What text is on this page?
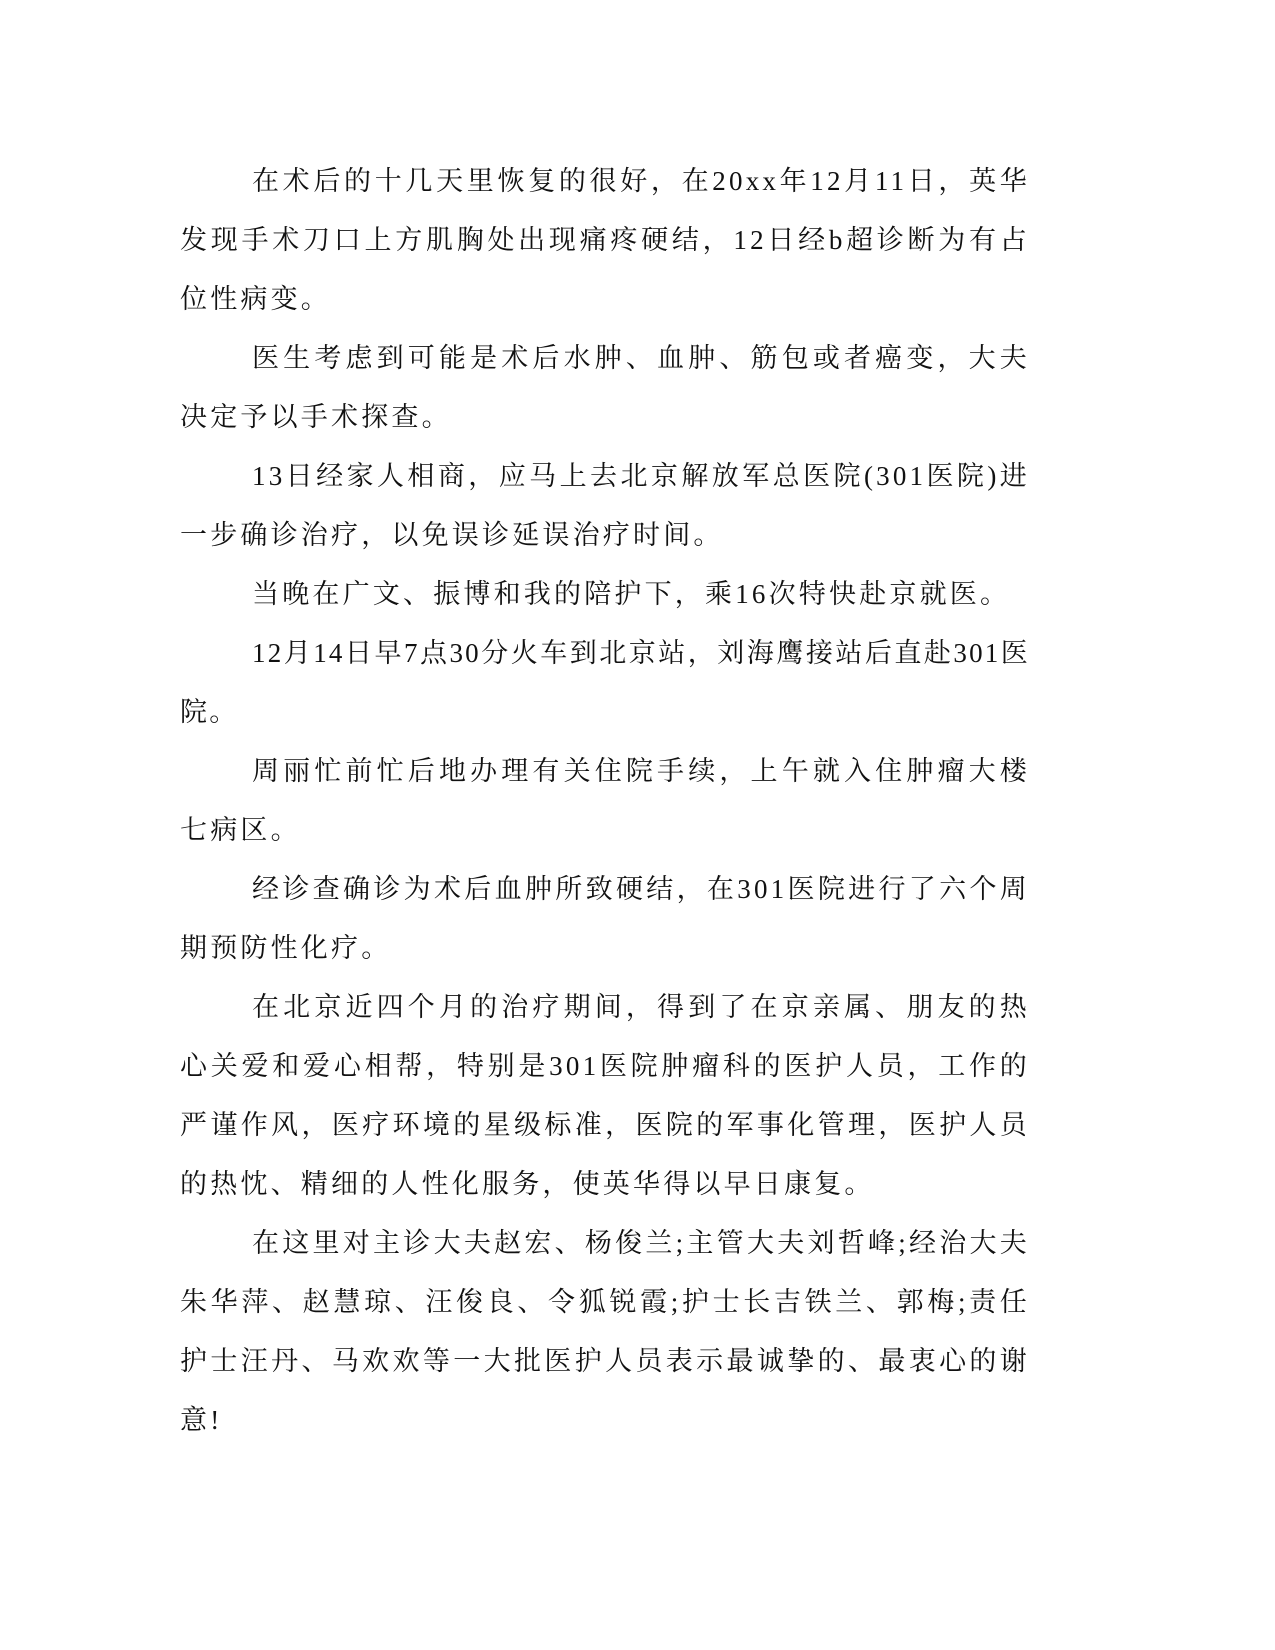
在术后的十几天里恢复的很好，在20xx年12月11日，英华发现手术刀口上方肌胸处出现痛疼硬结，12日经b超诊断为有占位性病变。

医生考虑到可能是术后水肿、血肿、筋包或者癌变，大夫决定予以手术探查。

13日经家人相商，应马上去北京解放军总医院(301医院)进一步确诊治疗，以免误诊延误治疗时间。

当晚在广文、振博和我的陪护下，乘16次特快赴京就医。

12月14日早7点30分火车到北京站，刘海鹰接站后直赴301医院。

周丽忙前忙后地办理有关住院手续，上午就入住肿瘤大楼七病区。

经诊查确诊为术后血肿所致硬结，在301医院进行了六个周期预防性化疗。

在北京近四个月的治疗期间，得到了在京亲属、朋友的热心关爱和爱心相帮，特别是301医院肿瘤科的医护人员，工作的严谨作风，医疗环境的星级标准，医院的军事化管理，医护人员的热忱、精细的人性化服务，使英华得以早日康复。

在这里对主诊大夫赵宏、杨俊兰;主管大夫刘哲峰;经治大夫朱华萍、赵慧琼、汪俊良、令狐锐霞;护士长吉铁兰、郭梅;责任护士汪丹、马欢欢等一大批医护人员表示最诚挚的、最衷心的谢意!
